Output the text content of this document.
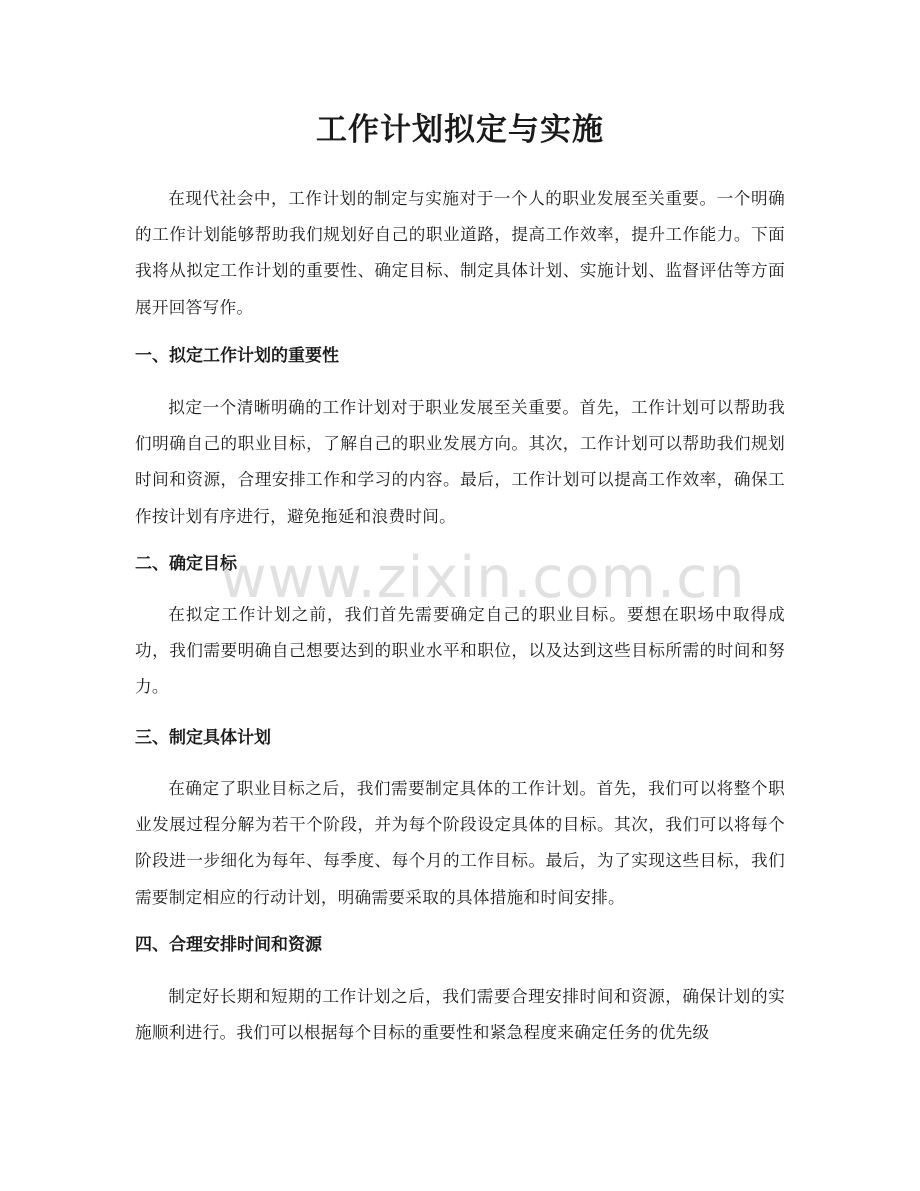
工作计划拟定与实施

在现代社会中，工作计划的制定与实施对于一个人的职业发展至关重要。一个明确的工作计划能够帮助我们规划好自己的职业道路，提高工作效率，提升工作能力。下面我将从拟定工作计划的重要性、确定目标、制定具体计划、实施计划、监督评估等方面展开回答写作。

一、拟定工作计划的重要性

拟定一个清晰明确的工作计划对于职业发展至关重要。首先，工作计划可以帮助我们明确自己的职业目标，了解自己的职业发展方向。其次，工作计划可以帮助我们规划时间和资源，合理安排工作和学习的内容。最后，工作计划可以提高工作效率，确保工作按计划有序进行，避免拖延和浪费时间。

二、确定目标

在拟定工作计划之前，我们首先需要确定自己的职业目标。要想在职场中取得成功，我们需要明确自己想要达到的职业水平和职位，以及达到这些目标所需的时间和努力。

三、制定具体计划

在确定了职业目标之后，我们需要制定具体的工作计划。首先，我们可以将整个职业发展过程分解为若干个阶段，并为每个阶段设定具体的目标。其次，我们可以将每个阶段进一步细化为每年、每季度、每个月的工作目标。最后，为了实现这些目标，我们需要制定相应的行动计划，明确需要采取的具体措施和时间安排。

四、合理安排时间和资源

制定好长期和短期的工作计划之后，我们需要合理安排时间和资源，确保计划的实施顺利进行。我们可以根据每个目标的重要性和紧急程度来确定任务的优先级

www.zixin.com.cn
